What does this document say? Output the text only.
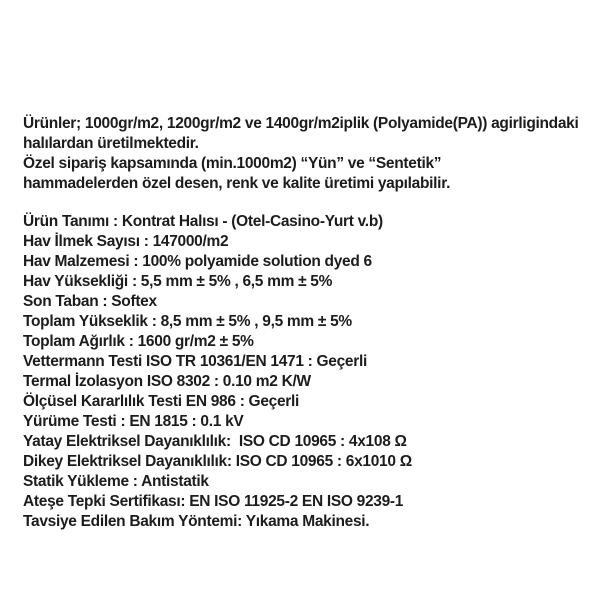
Ürünler; 1000gr/m2, 1200gr/m2 ve 1400gr/m2iplik (Polyamide(PA)) agirligindaki
halılardan üretilmektedir.
Özel sipariş kapsamında (min.1000m2) “Yün” ve “Sentetik”
hammadelerden özel desen, renk ve kalite üretimi yapılabilir.
Ürün Tanımı : Kontrat Halısı - (Otel-Casino-Yurt v.b)
Hav İlmek Sayısı : 147000/m2
Hav Malzemesi : 100% polyamide solution dyed 6
Hav Yüksekliği : 5,5 mm ± 5% , 6,5 mm ± 5%
Son Taban : Softex
Toplam Yükseklik : 8,5 mm ± 5% , 9,5 mm ± 5%
Toplam Ağırlık : 1600 gr/m2 ± 5%
Vettermann Testi ISO TR 10361/EN 1471 : Geçerli
Termal İzolasyon ISO 8302 : 0.10 m2 K/W
Ölçüsel Kararlılık Testi EN 986 : Geçerli
Yürüme Testi : EN 1815 : 0.1 kV
Yatay Elektriksel Dayanıklılık:  ISO CD 10965 : 4x108 Ω
Dikey Elektriksel Dayanıklılık: ISO CD 10965 : 6x1010 Ω
Statik Yükleme : Antistatik
Ateşe Tepki Sertifikası: EN ISO 11925-2 EN ISO 9239-1
Tavsiye Edilen Bakım Yöntemi: Yıkama Makinesi.
